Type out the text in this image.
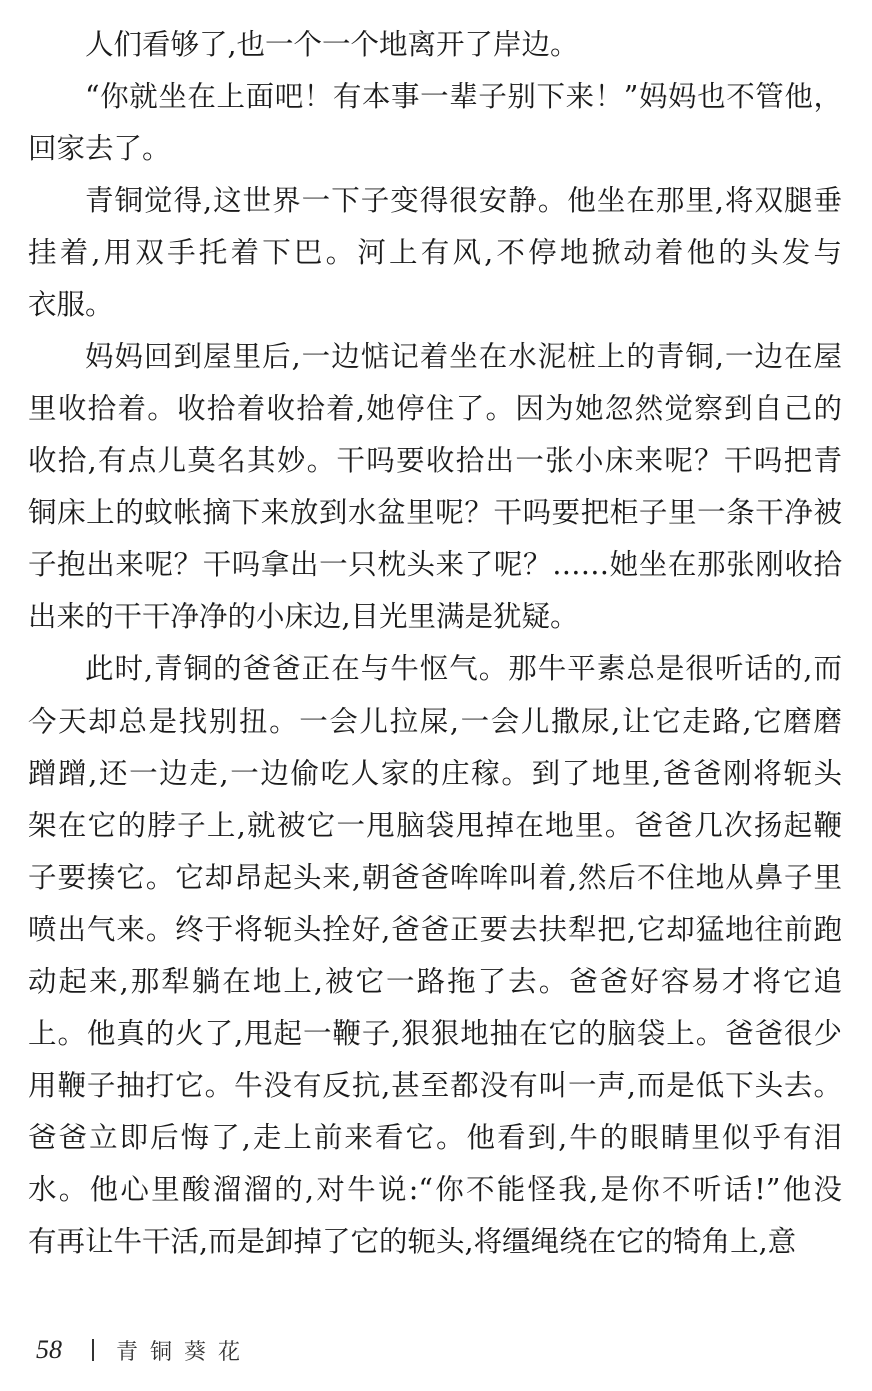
人们看够了,也一个一个地离开了岸边。
“你就坐在上面吧！有本事一辈子别下来！”妈妈也不管他，
回家去了。
青铜觉得,这世界一下子变得很安静。他坐在那里,将双腿垂
挂着,用双手托着下巴。河上有风,不停地掀动着他的头发与
衣服。
妈妈回到屋里后,一边惦记着坐在水泥桩上的青铜,一边在屋
里收拾着。收拾着收拾着,她停住了。因为她忽然觉察到自己的
收拾,有点儿莫名其妙。干吗要收拾出一张小床来呢？干吗把青
铜床上的蚊帐摘下来放到水盆里呢？干吗要把柜子里一条干净被
子抱出来呢？干吗拿出一只枕头来了呢？……她坐在那张刚收拾
出来的干干净净的小床边,目光里满是犹疑。
此时,青铜的爸爸正在与牛怄气。那牛平素总是很听话的,而
今天却总是找别扭。一会儿拉屎,一会儿撒尿,让它走路,它磨磨
蹭蹭,还一边走,一边偷吃人家的庄稼。到了地里,爸爸刚将轭头
架在它的脖子上,就被它一甩脑袋甩掉在地里。爸爸几次扬起鞭
子要揍它。它却昂起头来,朝爸爸哞哞叫着,然后不住地从鼻子里
喷出气来。终于将轭头拴好,爸爸正要去扶犁把,它却猛地往前跑
动起来,那犁躺在地上,被它一路拖了去。爸爸好容易才将它追
上。他真的火了,甩起一鞭子,狠狠地抽在它的脑袋上。爸爸很少
用鞭子抽打它。牛没有反抗,甚至都没有叫一声,而是低下头去。
爸爸立即后悔了,走上前来看它。他看到,牛的眼睛里似乎有泪
水。他心里酸溜溜的,对牛说:“你不能怪我,是你不听话!”他没
有再让牛干活,而是卸掉了它的轭头,将缰绳绕在它的犄角上,意
58 青铜葵花
